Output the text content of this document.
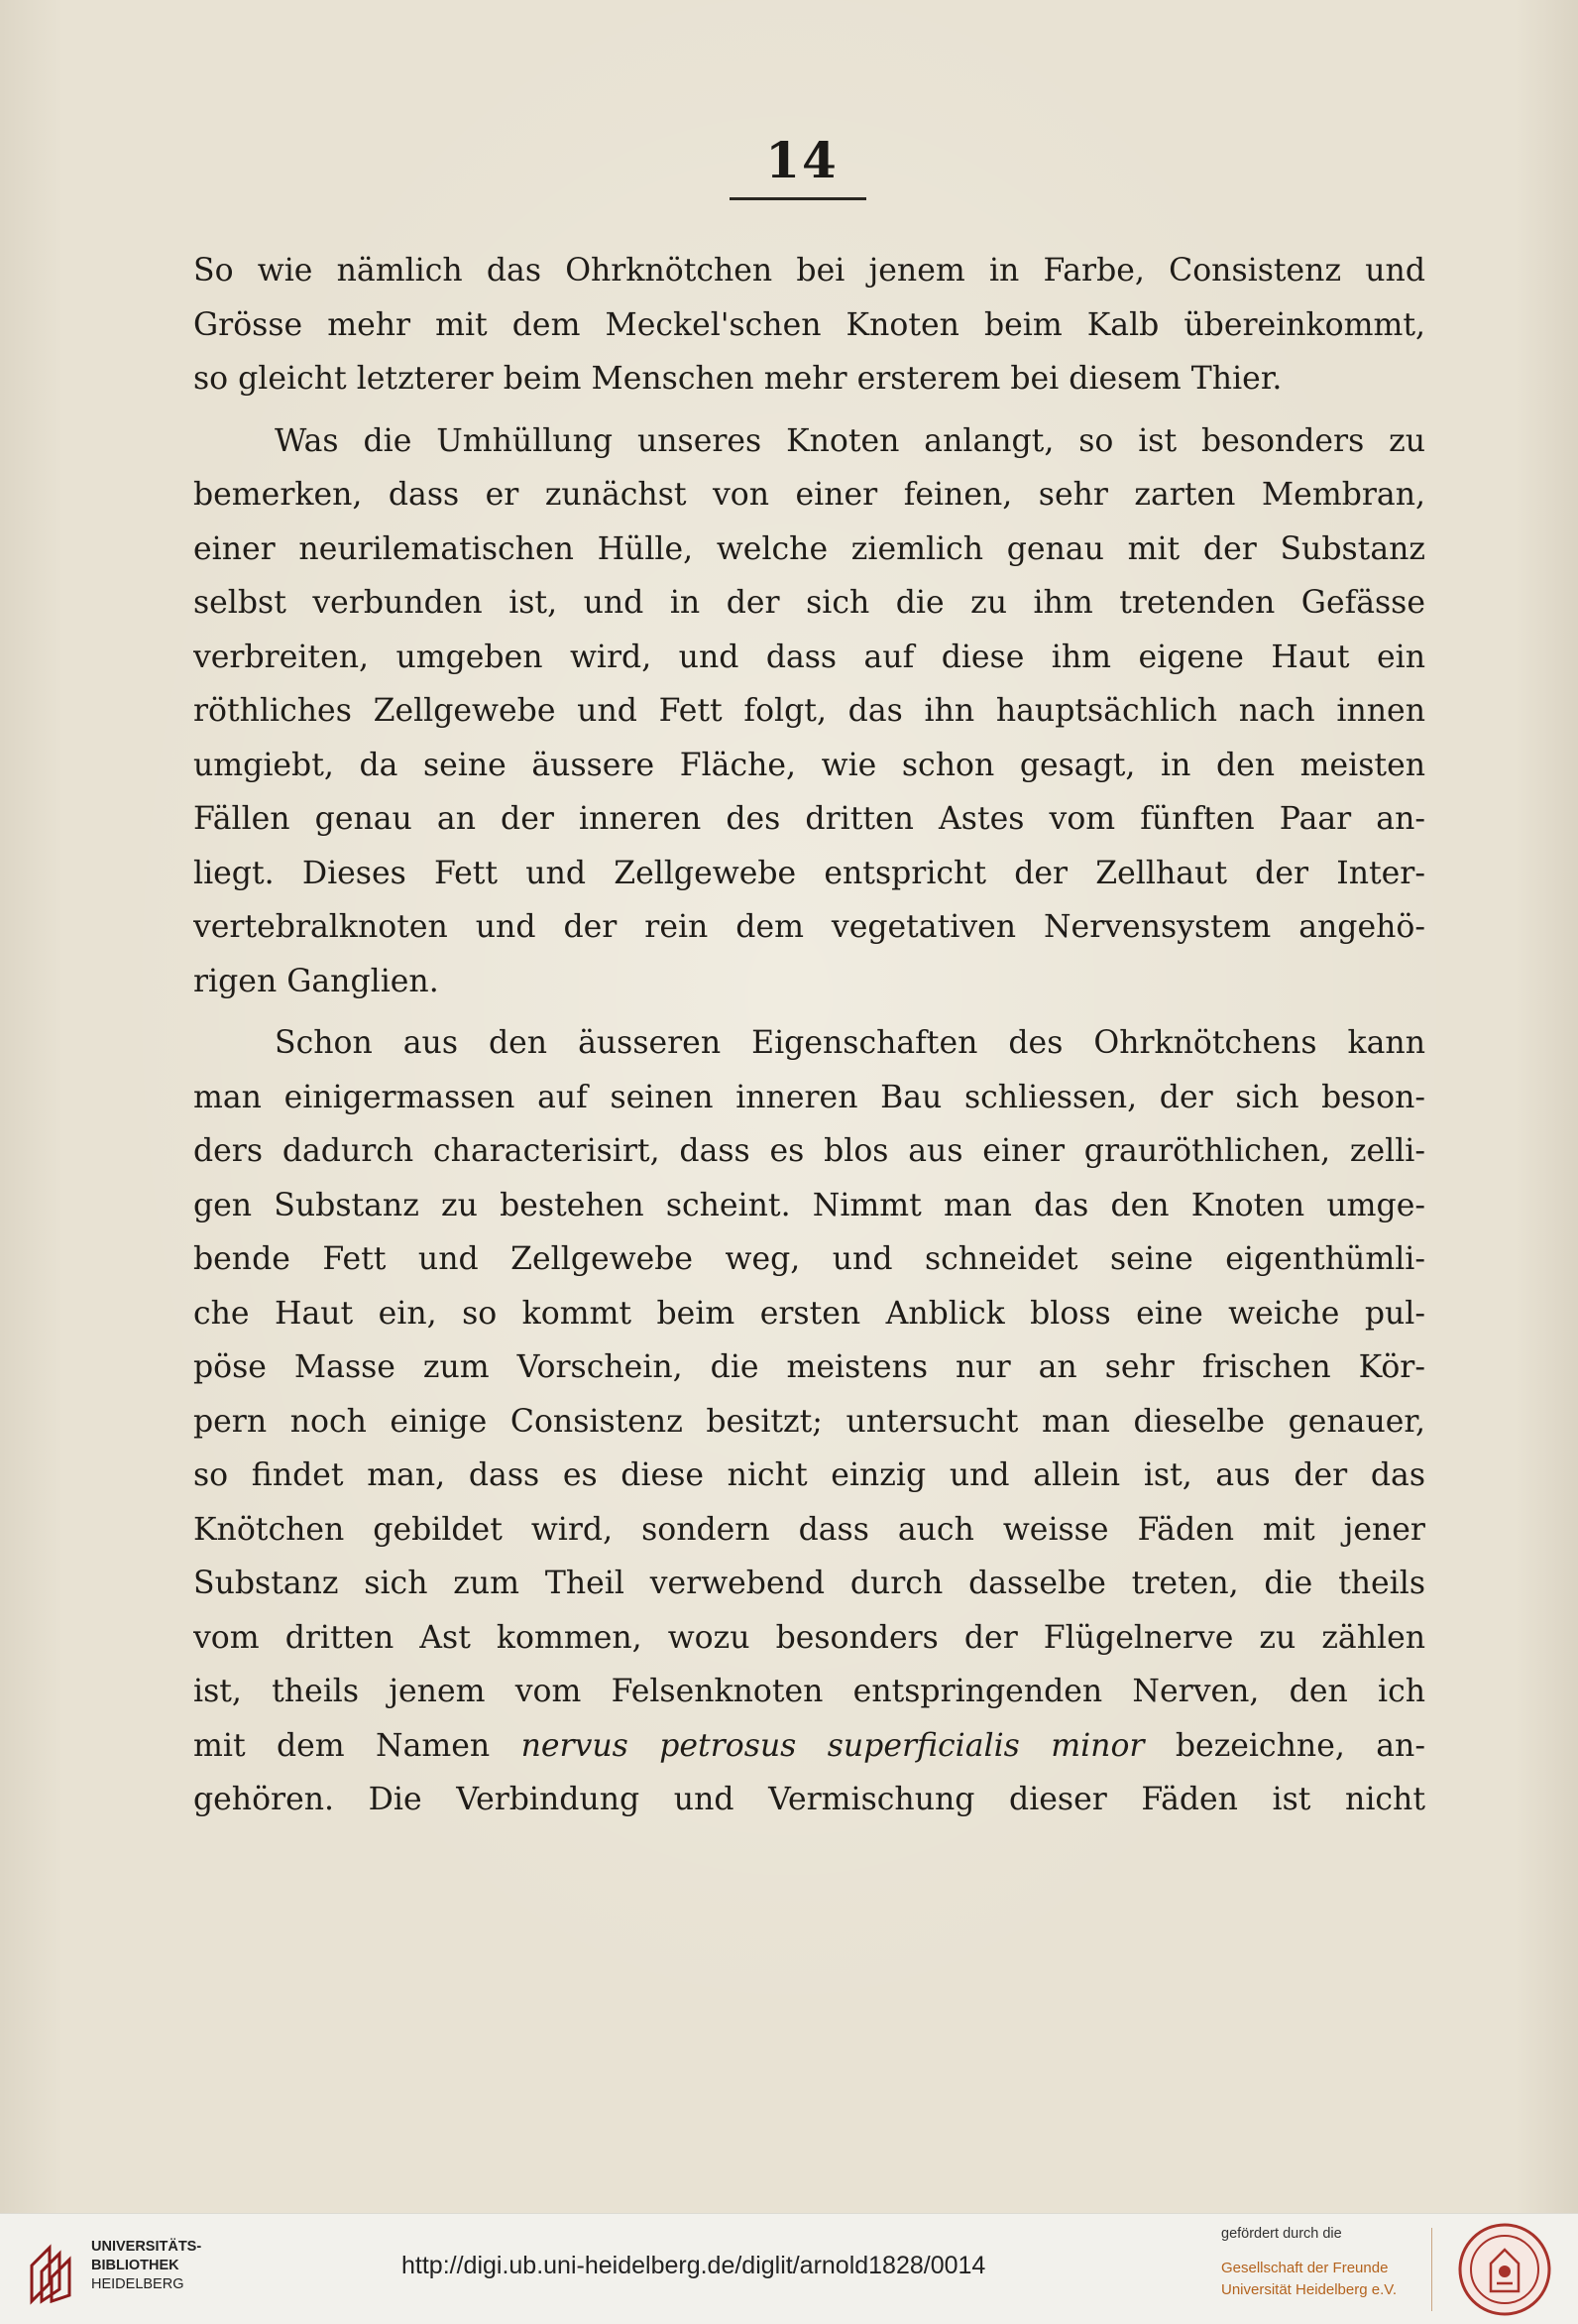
14
So wie nämlich das Ohrknötchen bei jenem in Farbe, Consistenz und
Grösse mehr mit dem Meckel'schen Knoten beim Kalb übereinkommt,
so gleicht letzterer beim Menschen mehr ersterem bei diesem Thier.
Was die Umhüllung unseres Knoten anlangt, so ist besonders zu
bemerken, dass er zunächst von einer feinen, sehr zarten Membran,
einer neurilematischen Hülle, welche ziemlich genau mit der Substanz
selbst verbunden ist, und in der sich die zu ihm tretenden Gefässe
verbreiten, umgeben wird, und dass auf diese ihm eigene Haut ein
röthliches Zellgewebe und Fett folgt, das ihn hauptsächlich nach innen
umgiebt, da seine äussere Fläche, wie schon gesagt, in den meisten
Fällen genau an der inneren des dritten Astes vom fünften Paar an-
liegt. Dieses Fett und Zellgewebe entspricht der Zellhaut der Inter-
vertebralknoten und der rein dem vegetativen Nervensystem angehö-
rigen Ganglien.
Schon aus den äusseren Eigenschaften des Ohrknötchens kann
man einigermassen auf seinen inneren Bau schliessen, der sich beson-
ders dadurch characterisirt, dass es blos aus einer grauröthlichen, zelli-
gen Substanz zu bestehen scheint. Nimmt man das den Knoten umge-
bende Fett und Zellgewebe weg, und schneidet seine eigenthümli-
che Haut ein, so kommt beim ersten Anblick bloss eine weiche pul-
pöse Masse zum Vorschein, die meistens nur an sehr frischen Kör-
pern noch einige Consistenz besitzt; untersucht man dieselbe genauer,
so findet man, dass es diese nicht einzig und allein ist, aus der das
Knötchen gebildet wird, sondern dass auch weisse Fäden mit jener
Substanz sich zum Theil verwebend durch dasselbe treten, die theils
vom dritten Ast kommen, wozu besonders der Flügelnerve zu zählen
ist, theils jenem vom Felsenknoten entspringenden Nerven, den ich
mit dem Namen nervus petrosus superficialis minor bezeichne, an-
gehören. Die Verbindung und Vermischung dieser Fäden ist nicht
UNIVERSITÄTS-
BIBLIOTHEK
HEIDELBERG
http://digi.ub.uni-heidelberg.de/diglit/arnold1828/0014
gefördert durch die
Gesellschaft der Freunde
Universität Heidelberg e.V.
